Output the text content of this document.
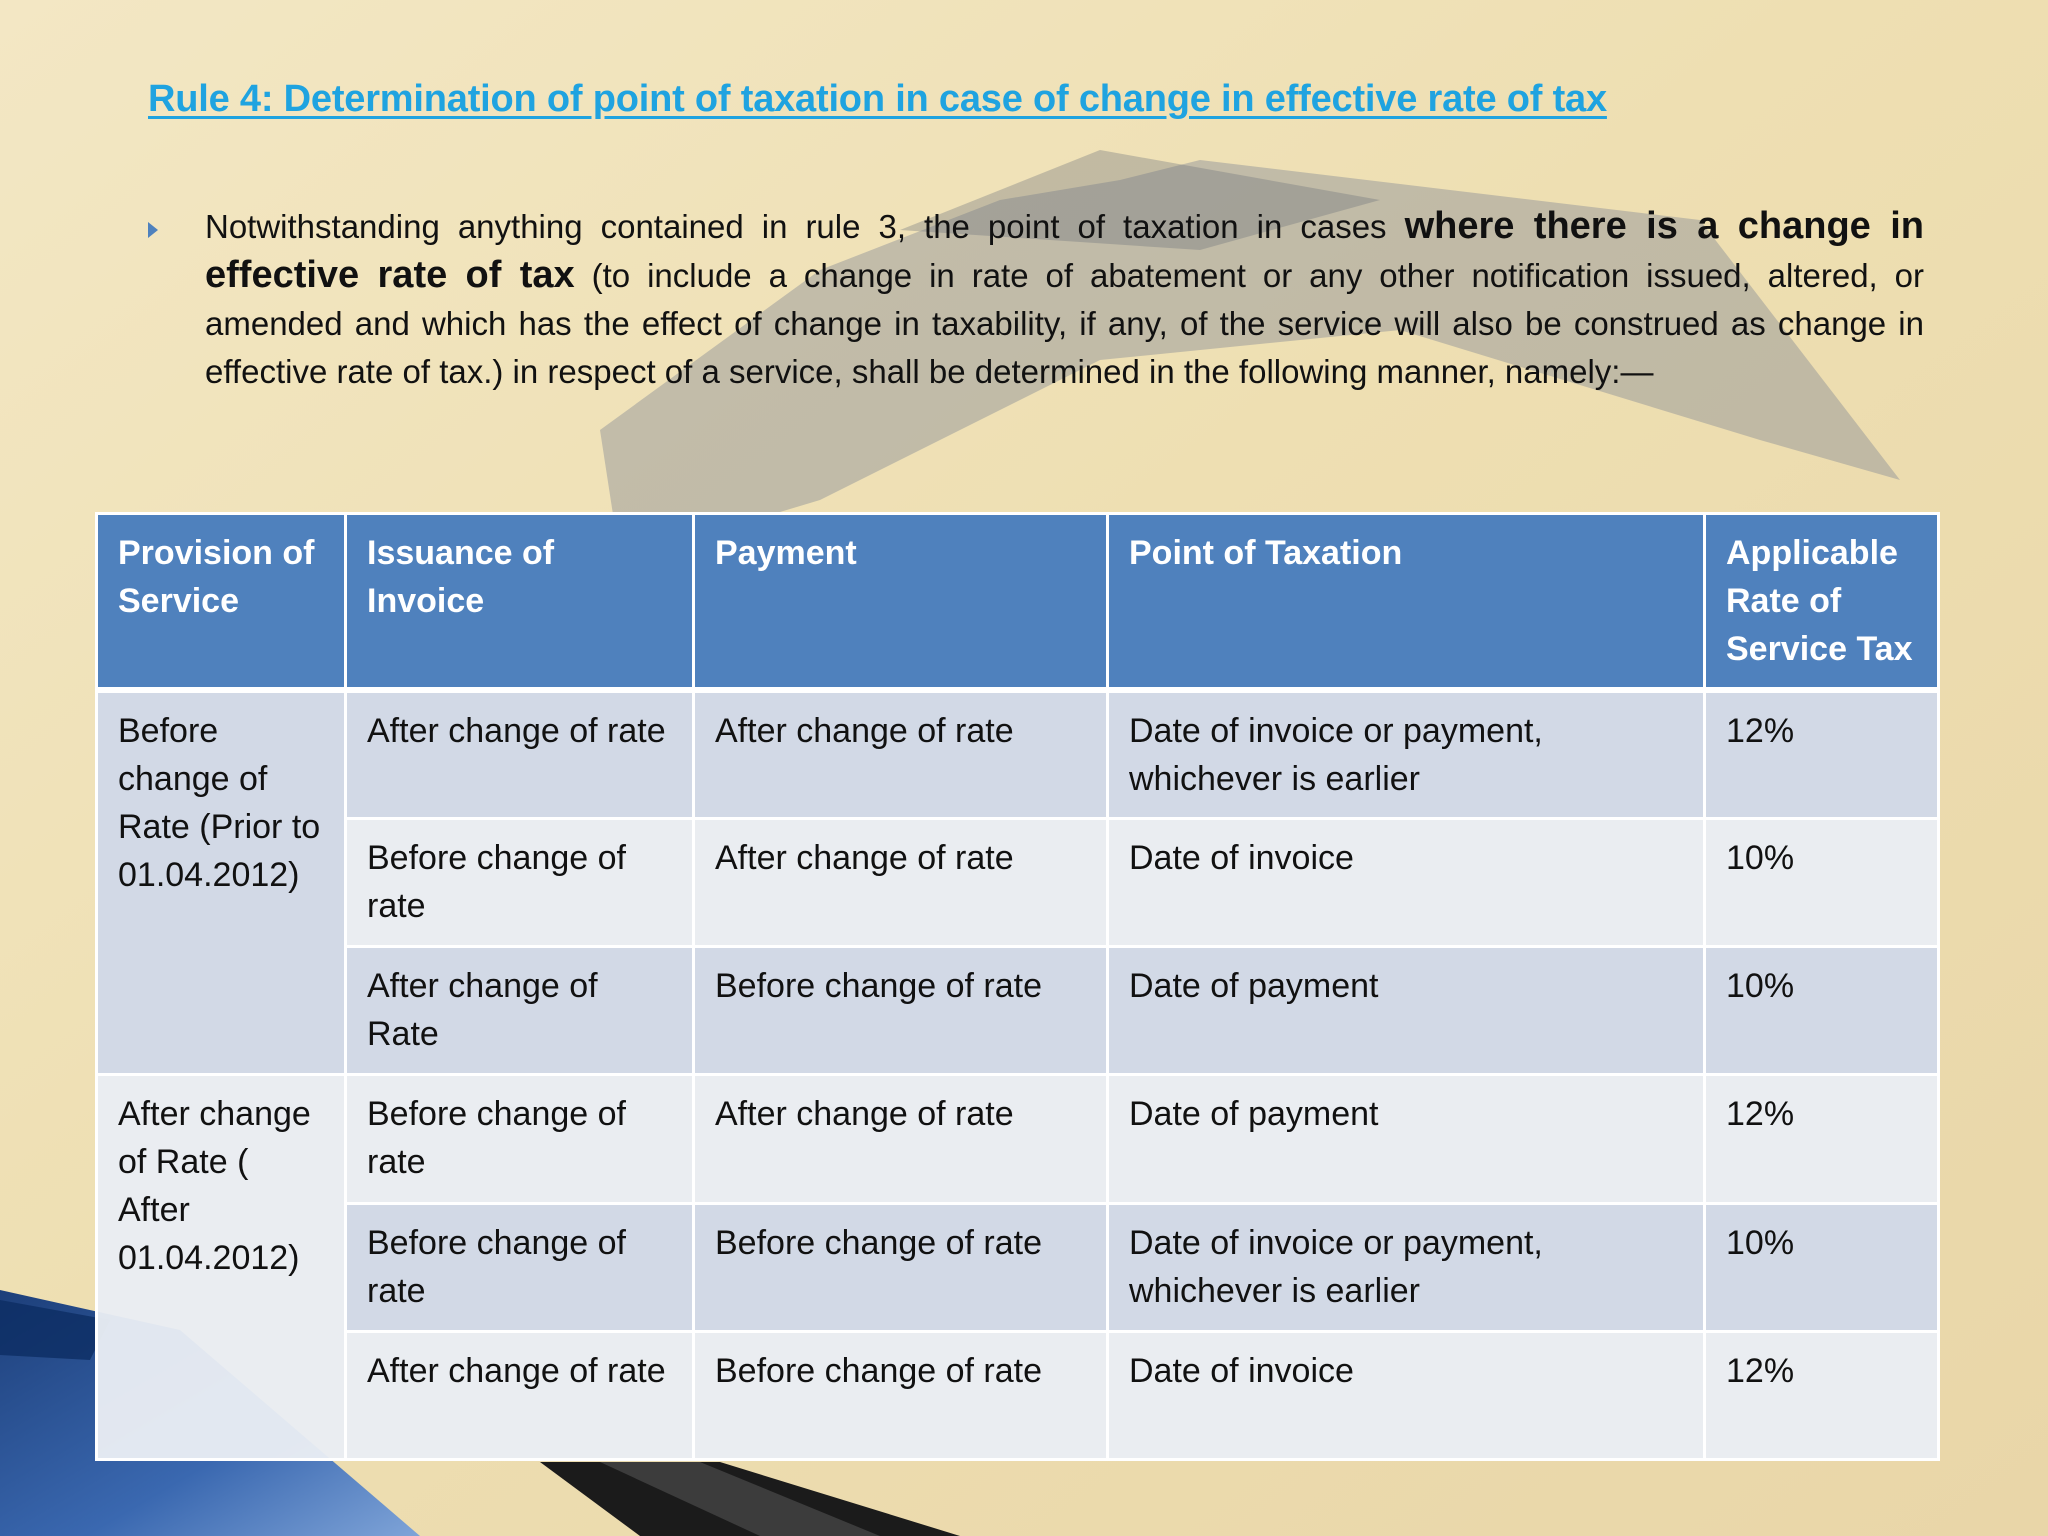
Rule 4: Determination of point of taxation in case of change in effective rate of tax

Notwithstanding anything contained in rule 3, the point of taxation in cases where there is a change in effective rate of tax (to include a change in rate of abatement or any other notification issued, altered, or amended and which has the effect of change in taxability, if any, of the service will also be construed as change in effective rate of tax.) in respect of a service, shall be determined in the following manner, namely:—

Provision of Service	Issuance of Invoice	Payment	Point of Taxation	Applicable Rate of Service Tax
Before change of Rate (Prior to 01.04.2012)	After change of rate	After change of rate	Date of invoice or payment, whichever is earlier	12%
	Before change of rate	After change of rate	Date of invoice	10%
	After change of Rate	Before change of rate	Date of payment	10%
After change of Rate ( After 01.04.2012)	Before change of rate	After change of rate	Date of payment	12%
	Before change of rate	Before change of rate	Date of invoice or payment, whichever is earlier	10%
	After change of rate	Before change of rate	Date of invoice	12%
